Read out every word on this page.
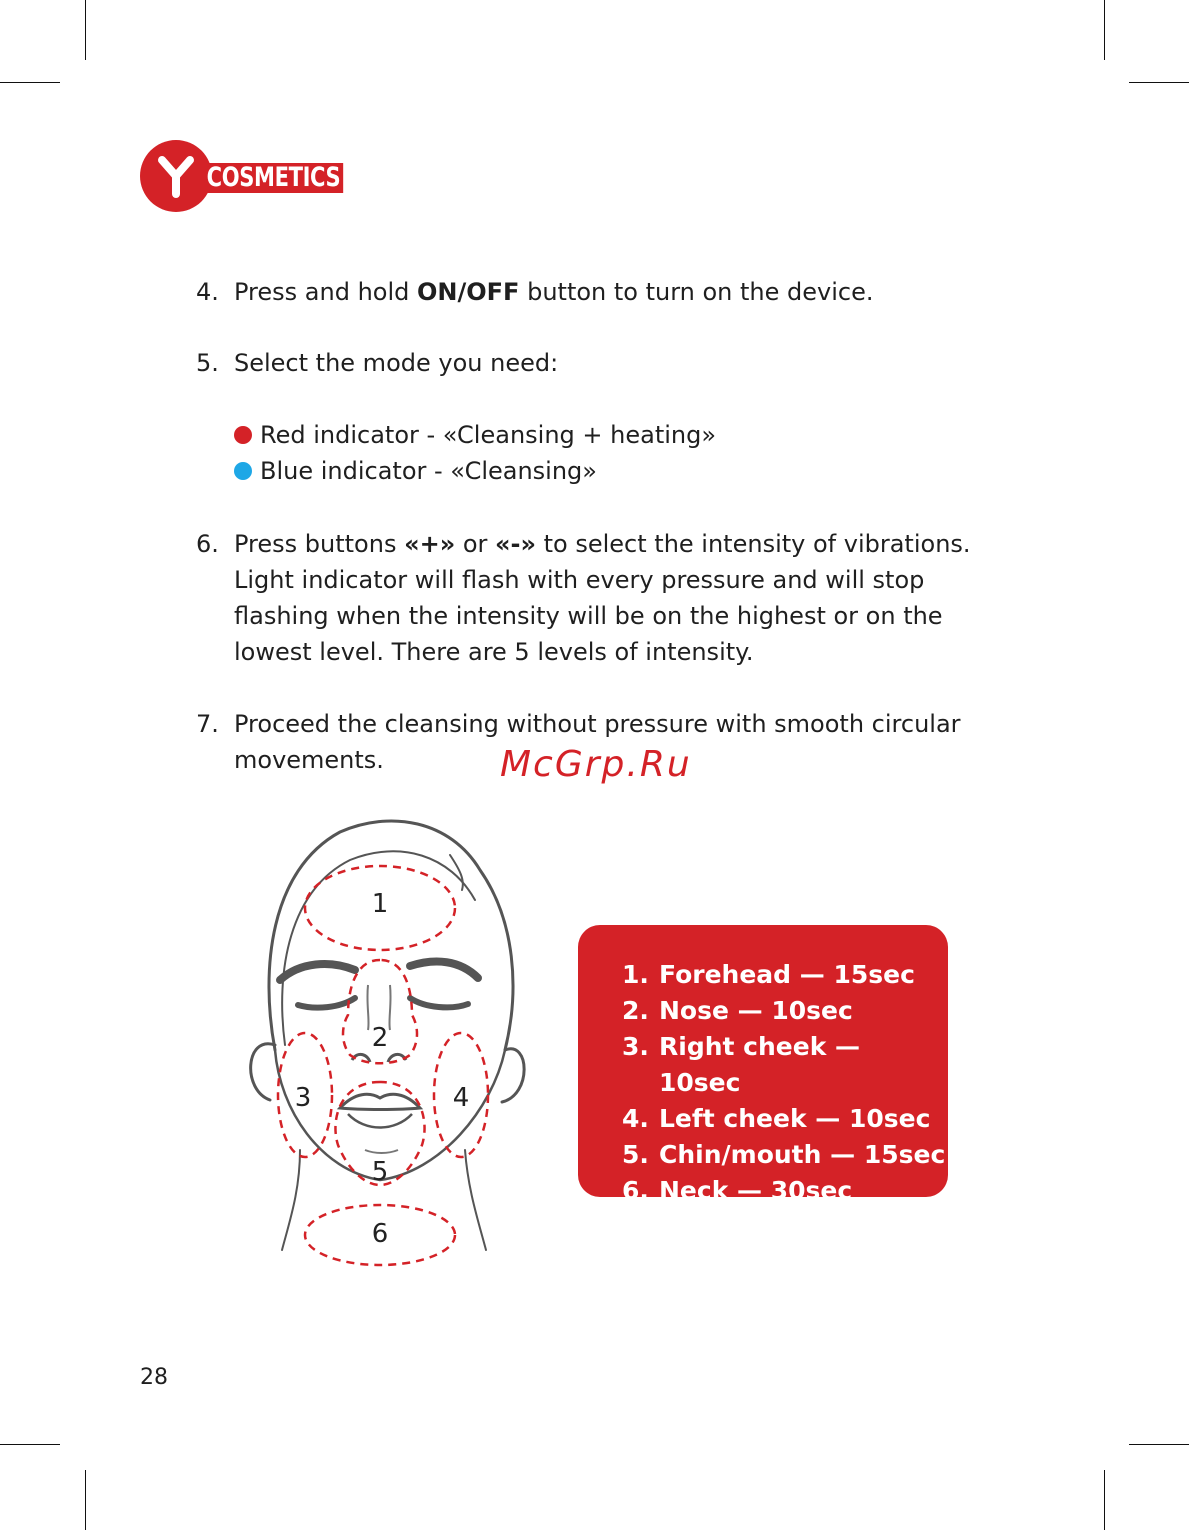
COSMETICS
4. Press and hold ON/OFF button to turn on the device.
5. Select the mode you need:
Red indicator - «Cleansing + heating»
Blue indicator - «Cleansing»
6. Press buttons «+» or «-» to select the intensity of vibrations.
Light indicator will flash with every pressure and will stop
flashing when the intensity will be on the highest or on the
lowest level. There are 5 levels of intensity.
7. Proceed the cleansing without pressure with smooth circular
movements.	McGrp.Ru
1
2
3	4
5
6
1. Forehead — 15sec
2. Nose — 10sec
3. Right cheek — 10sec
4. Left cheek — 10sec
5. Chin/mouth — 15sec
6. Neck — 30sec
28
